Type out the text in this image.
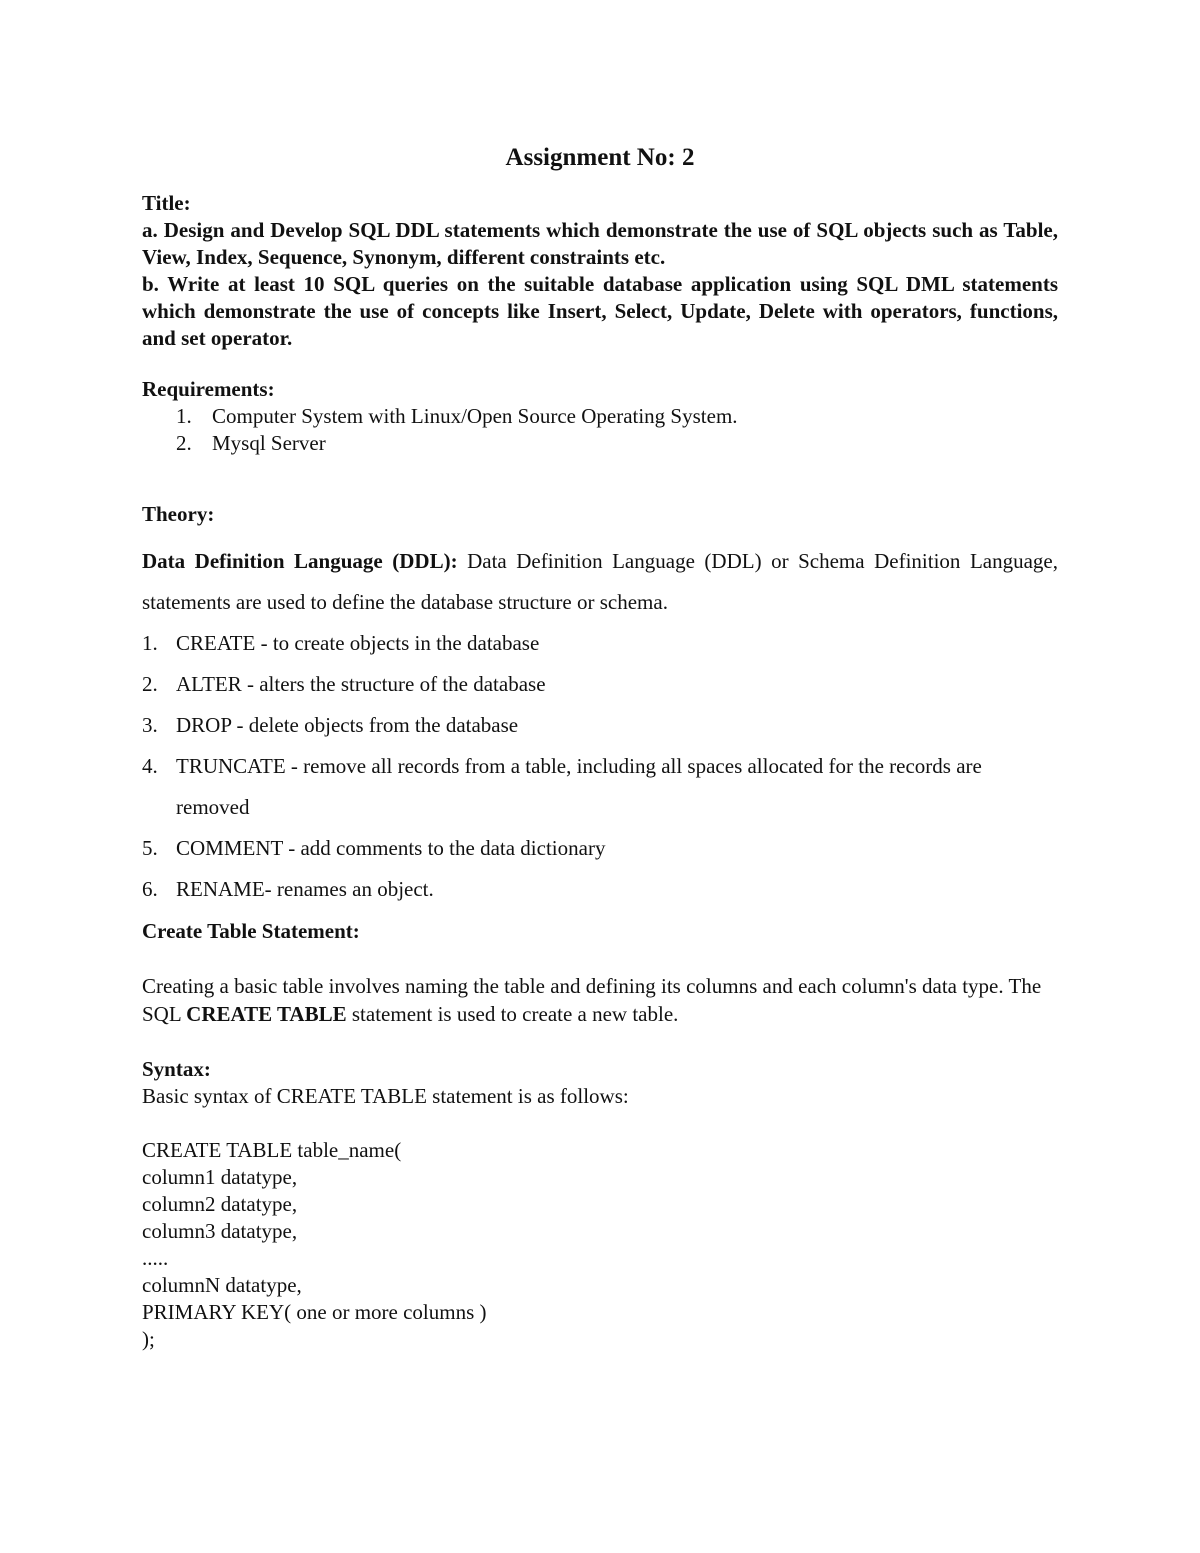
Assignment No: 2

Title:

a. Design and Develop SQL DDL statements which demonstrate the use of SQL objects such as Table, View, Index, Sequence, Synonym, different constraints etc.

b. Write at least 10 SQL queries on the suitable database application using SQL DML statements which demonstrate the use of concepts like Insert, Select, Update, Delete with operators, functions, and set operator.

Requirements:

1. Computer System with Linux/Open Source Operating System.
2. Mysql Server

Theory:

Data Definition Language (DDL): Data Definition Language (DDL) or Schema Definition Language, statements are used to define the database structure or schema.

1. CREATE - to create objects in the database
2. ALTER - alters the structure of the database
3. DROP - delete objects from the database
4. TRUNCATE - remove all records from a table, including all spaces allocated for the records are removed
5. COMMENT - add comments to the data dictionary
6. RENAME- renames an object.

Create Table Statement:

Creating a basic table involves naming the table and defining its columns and each column's data type. The SQL CREATE TABLE statement is used to create a new table.

Syntax:

Basic syntax of CREATE TABLE statement is as follows:

CREATE TABLE table_name(
column1 datatype,
column2 datatype,
column3 datatype,
.....
columnN datatype,
PRIMARY KEY( one or more columns )
);
